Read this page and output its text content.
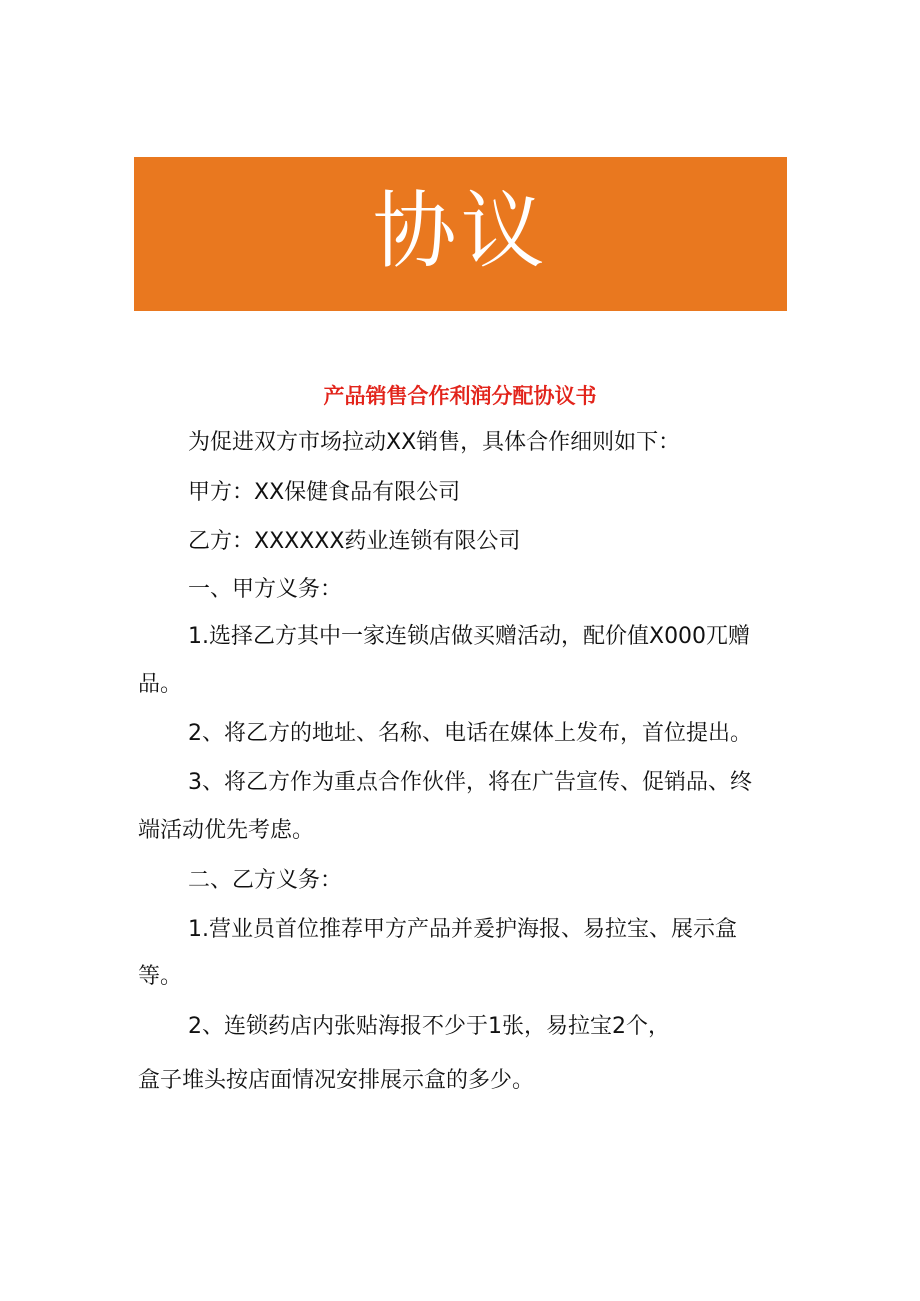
协议
产品销售合作利润分配协议书
为促进双方市场拉动XX销售，具体合作细则如下：
甲方：XX保健食品有限公司
乙方：XXXXXX药业连锁有限公司
一、甲方义务：
1.选择乙方其中一家连锁店做买赠活动，配价值X000兀赠
品。
2、将乙方的地址、名称、电话在媒体上发布，首位提出。
3、将乙方作为重点合作伙伴，将在广告宣传、促销品、终
端活动优先考虑。
二、乙方义务：
1.营业员首位推荐甲方产品并爰护海报、易拉宝、展示盒
等。
2、连锁药店内张贴海报不少于1张，易拉宝2个，
盒子堆头按店面情况安排展示盒的多少。
